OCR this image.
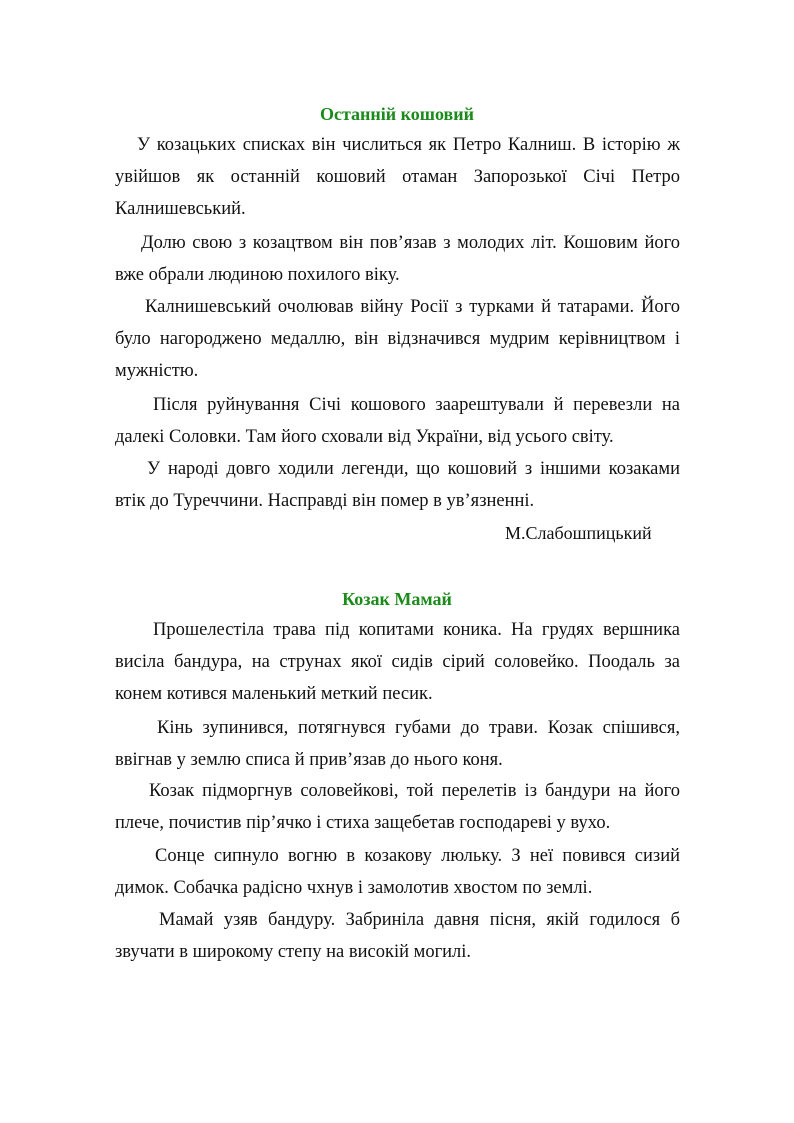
Останній кошовий

У козацьких списках він числиться як Петро Калниш. В історію ж увійшов як останній кошовий отаман Запорозької Січі Петро Калнишевський.

Долю свою з козацтвом він пов’язав з молодих літ. Кошовим його вже обрали людиною похилого віку.

Калнишевський очолював війну Росії з турками й татарами. Його було нагороджено медаллю, він відзначився мудрим керівництвом і мужністю.

Після руйнування Січі кошового заарештували й перевезли на далекі Соловки. Там його сховали від України, від усього світу.

У народі довго ходили легенди, що кошовий з іншими козаками втік до Туреччини. Насправді він помер в ув’язненні.

М.Слабошпицький

Козак Мамай

Прошелестіла трава під копитами коника. На грудях вершника висіла бандура, на струнах якої сидів сірий соловейко. Поодаль за конем котився маленький меткий песик.

Кінь зупинився, потягнувся губами до трави. Козак спішився, ввігнав у землю списа й прив’язав до нього коня.

Козак підморгнув соловейкові, той перелетів із бандури на його плече, почистив пір’ячко і стиха защебетав господареві у вухо.

Сонце сипнуло вогню в козакову люльку. З неї повився сизий димок. Собачка радісно чхнув і замолотив хвостом по землі.

Мамай узяв бандуру. Забриніла давня пісня, якій годилося б звучати в широкому степу на високій могилі.
